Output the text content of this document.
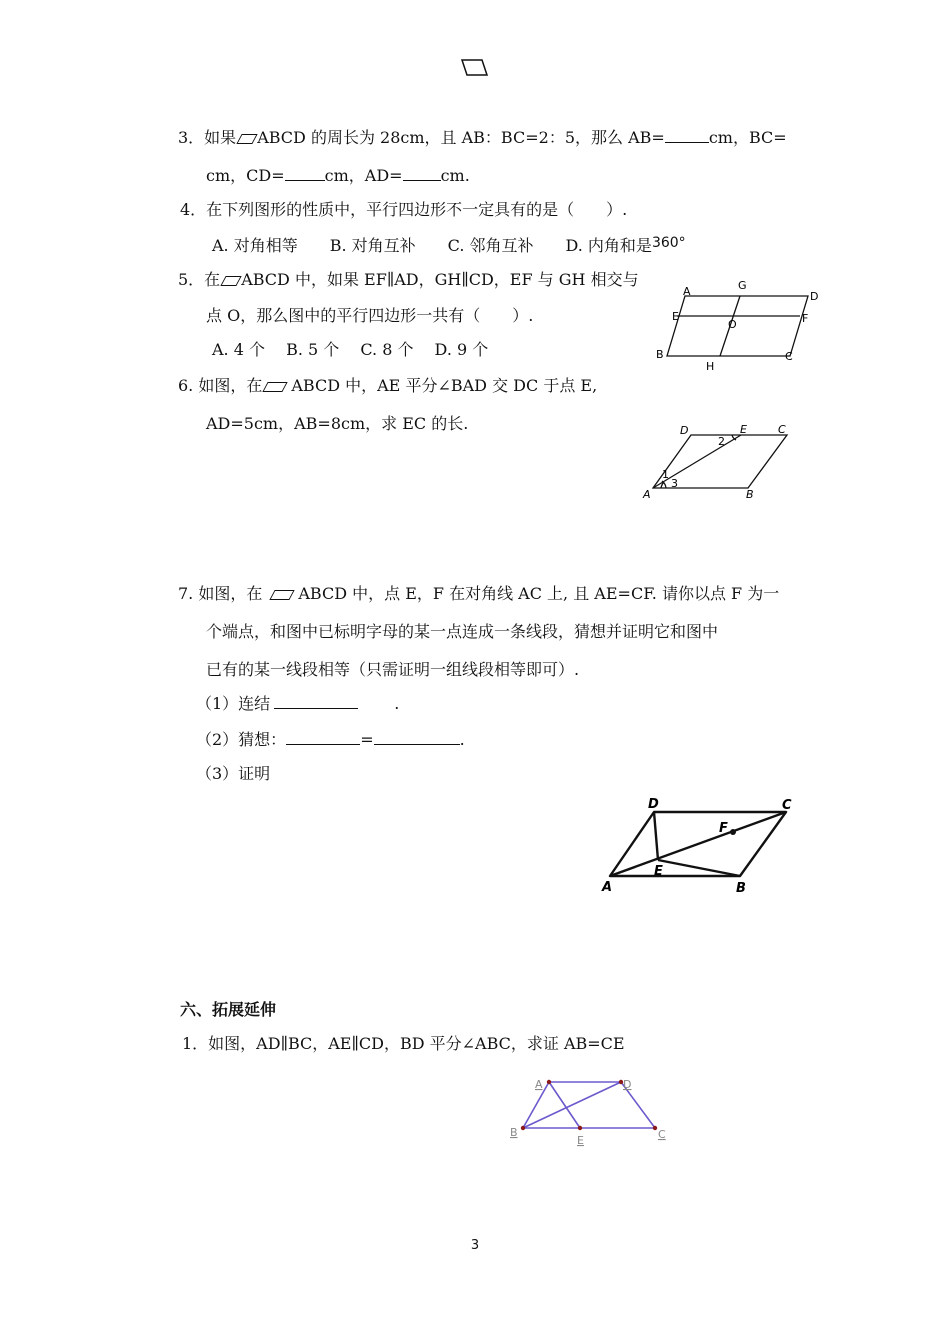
3．如果 ABCD 的周长为 28cm，且 AB：BC=2：5，那么 AB=	cm，BC=
cm，CD=	cm，AD= cm.
4．在下列图形的性质中，平行四边形不一定具有的是（　　）.
A. 对角相等　　B. 对角互补　　C. 邻角互补　　D. 内角和是360°
5．在 ABCD 中，如果 EF∥AD，GH∥CD，EF 与 GH 相交与
点 O，那么图中的平行四边形一共有（　　）.
A. 4 个　 B. 5 个　 C. 8 个　 D. 9 个
A	G
D
E
O	F
B
H
C
6. 如图，在 ABCD 中，AE 平分∠BAD 交 DC 于点 E,
AD=5cm，AB=8cm，求 EC 的长.	D	E	C
2
1
3
A	B
7. 如图，在 ABCD 中，点 E，F 在对角线 AC 上, 且 AE=CF. 请你以点 F 为一
个端点，和图中已标明字母的某一点连成一条线段，猜想并证明它和图中
已有的某一线段相等（只需证明一组线段相等即可）.
（1）连结	.
（2）猜想：	=	.
（3）证明
D	C
F
E
A	B
六、拓展延伸
1．如图，AD∥BC，AE∥CD，BD 平分∠ABC，求证 AB=CE
A	D
B
E	C
3
